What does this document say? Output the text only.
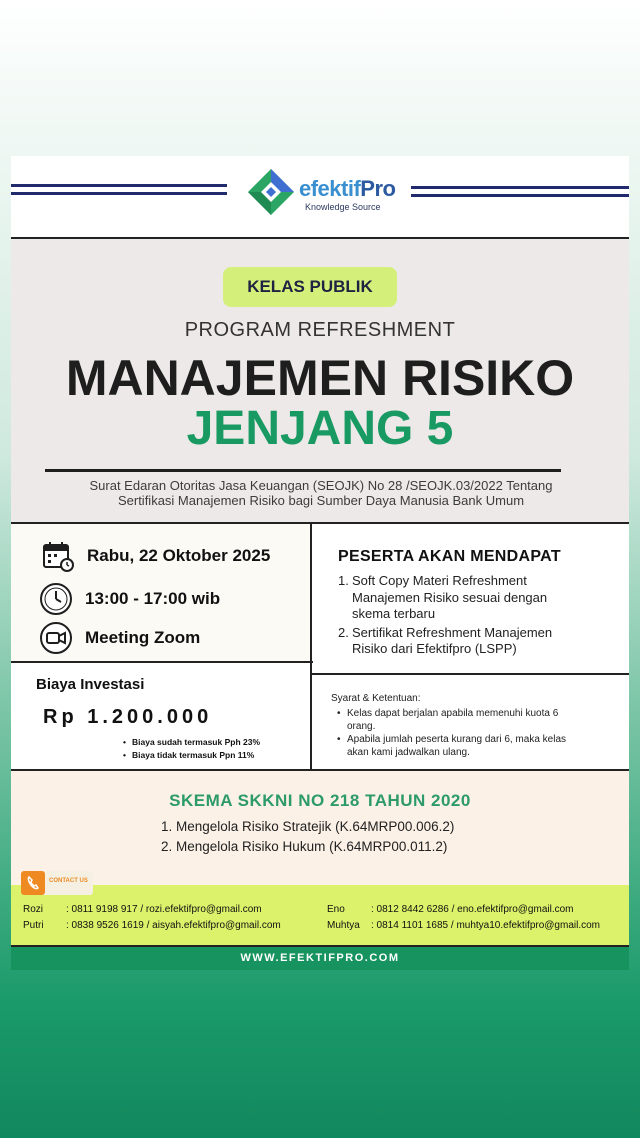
efektifPro
Knowledge Source
KELAS PUBLIK
PROGRAM REFRESHMENT
MANAJEMEN RISIKO
JENJANG 5
Surat Edaran Otoritas Jasa Keuangan (SEOJK) No 28 /SEOJK.03/2022 Tentang
Sertifikasi Manajemen Risiko bagi Sumber Daya Manusia Bank Umum
Rabu, 22 Oktober 2025
13:00 - 17:00 wib
Meeting Zoom
PESERTA AKAN MENDAPAT
1. Soft Copy Materi Refreshment Manajemen Risiko sesuai dengan skema terbaru
2. Sertifikat Refreshment Manajemen Risiko dari Efektifpro (LSPP)
Biaya Investasi
Rp 1.200.000
• Biaya sudah termasuk Pph 23%
• Biaya tidak termasuk Ppn 11%
Syarat & Ketentuan:
• Kelas dapat berjalan apabila memenuhi kuota 6 orang.
• Apabila jumlah peserta kurang dari 6, maka kelas akan kami jadwalkan ulang.
SKEMA SKKNI NO 218 TAHUN 2020
1. Mengelola Risiko Stratejik (K.64MRP00.006.2)
2. Mengelola Risiko Hukum (K.64MRP00.011.2)
CONTACT US
Rozi : 0811 9198 917 / rozi.efektifpro@gmail.com
Putri : 0838 9526 1619 / aisyah.efektifpro@gmail.com
Eno	: 0812 8442 6286 / eno.efektifpro@gmail.com
Muhtya : 0814 1101 1685 / muhtya10.efektifpro@gmail.com
WWW.EFEKTIFPRO.COM
